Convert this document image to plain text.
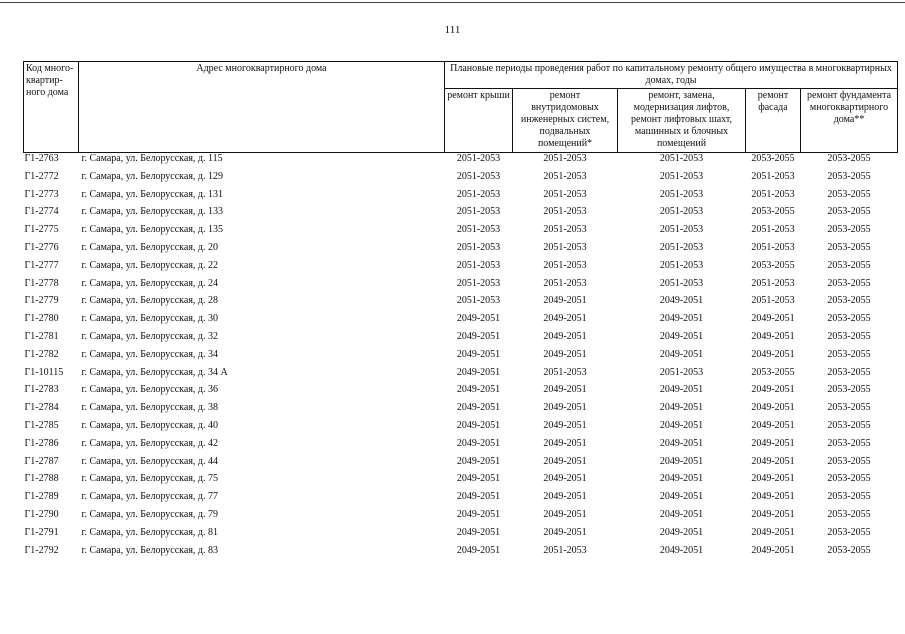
111
Код много-квартир-ного дома	Адрес многоквартирного дома	Плановые периоды проведения работ по капитальному ремонту общего имущества в многоквартирных домах, годы				
		ремонт крыши	ремонт внутридомовых инженерных систем, подвальных помещений*	ремонт, замена, модернизация лифтов, ремонт лифтовых шахт, машинных и блочных помещений	ремонт фасада	ремонт фундамента многоквартирного дома**
Г1-2763	г. Самара, ул. Белорусская, д. 115	2051-2053	2051-2053	2051-2053	2053-2055	2053-2055
Г1-2772	г. Самара, ул. Белорусская, д. 129	2051-2053	2051-2053	2051-2053	2051-2053	2053-2055
Г1-2773	г. Самара, ул. Белорусская, д. 131	2051-2053	2051-2053	2051-2053	2051-2053	2053-2055
Г1-2774	г. Самара, ул. Белорусская, д. 133	2051-2053	2051-2053	2051-2053	2053-2055	2053-2055
Г1-2775	г. Самара, ул. Белорусская, д. 135	2051-2053	2051-2053	2051-2053	2051-2053	2053-2055
Г1-2776	г. Самара, ул. Белорусская, д. 20	2051-2053	2051-2053	2051-2053	2051-2053	2053-2055
Г1-2777	г. Самара, ул. Белорусская, д. 22	2051-2053	2051-2053	2051-2053	2053-2055	2053-2055
Г1-2778	г. Самара, ул. Белорусская, д. 24	2051-2053	2051-2053	2051-2053	2051-2053	2053-2055
Г1-2779	г. Самара, ул. Белорусская, д. 28	2051-2053	2049-2051	2049-2051	2051-2053	2053-2055
Г1-2780	г. Самара, ул. Белорусская, д. 30	2049-2051	2049-2051	2049-2051	2049-2051	2053-2055
Г1-2781	г. Самара, ул. Белорусская, д. 32	2049-2051	2049-2051	2049-2051	2049-2051	2053-2055
Г1-2782	г. Самара, ул. Белорусская, д. 34	2049-2051	2049-2051	2049-2051	2049-2051	2053-2055
Г1-10115	г. Самара, ул. Белорусская, д. 34 А	2049-2051	2051-2053	2051-2053	2053-2055	2053-2055
Г1-2783	г. Самара, ул. Белорусская, д. 36	2049-2051	2049-2051	2049-2051	2049-2051	2053-2055
Г1-2784	г. Самара, ул. Белорусская, д. 38	2049-2051	2049-2051	2049-2051	2049-2051	2053-2055
Г1-2785	г. Самара, ул. Белорусская, д. 40	2049-2051	2049-2051	2049-2051	2049-2051	2053-2055
Г1-2786	г. Самара, ул. Белорусская, д. 42	2049-2051	2049-2051	2049-2051	2049-2051	2053-2055
Г1-2787	г. Самара, ул. Белорусская, д. 44	2049-2051	2049-2051	2049-2051	2049-2051	2053-2055
Г1-2788	г. Самара, ул. Белорусская, д. 75	2049-2051	2049-2051	2049-2051	2049-2051	2053-2055
Г1-2789	г. Самара, ул. Белорусская, д. 77	2049-2051	2049-2051	2049-2051	2049-2051	2053-2055
Г1-2790	г. Самара, ул. Белорусская, д. 79	2049-2051	2049-2051	2049-2051	2049-2051	2053-2055
Г1-2791	г. Самара, ул. Белорусская, д. 81	2049-2051	2049-2051	2049-2051	2049-2051	2053-2055
Г1-2792	г. Самара, ул. Белорусская, д. 83	2049-2051	2051-2053	2049-2051	2049-2051	2053-2055
